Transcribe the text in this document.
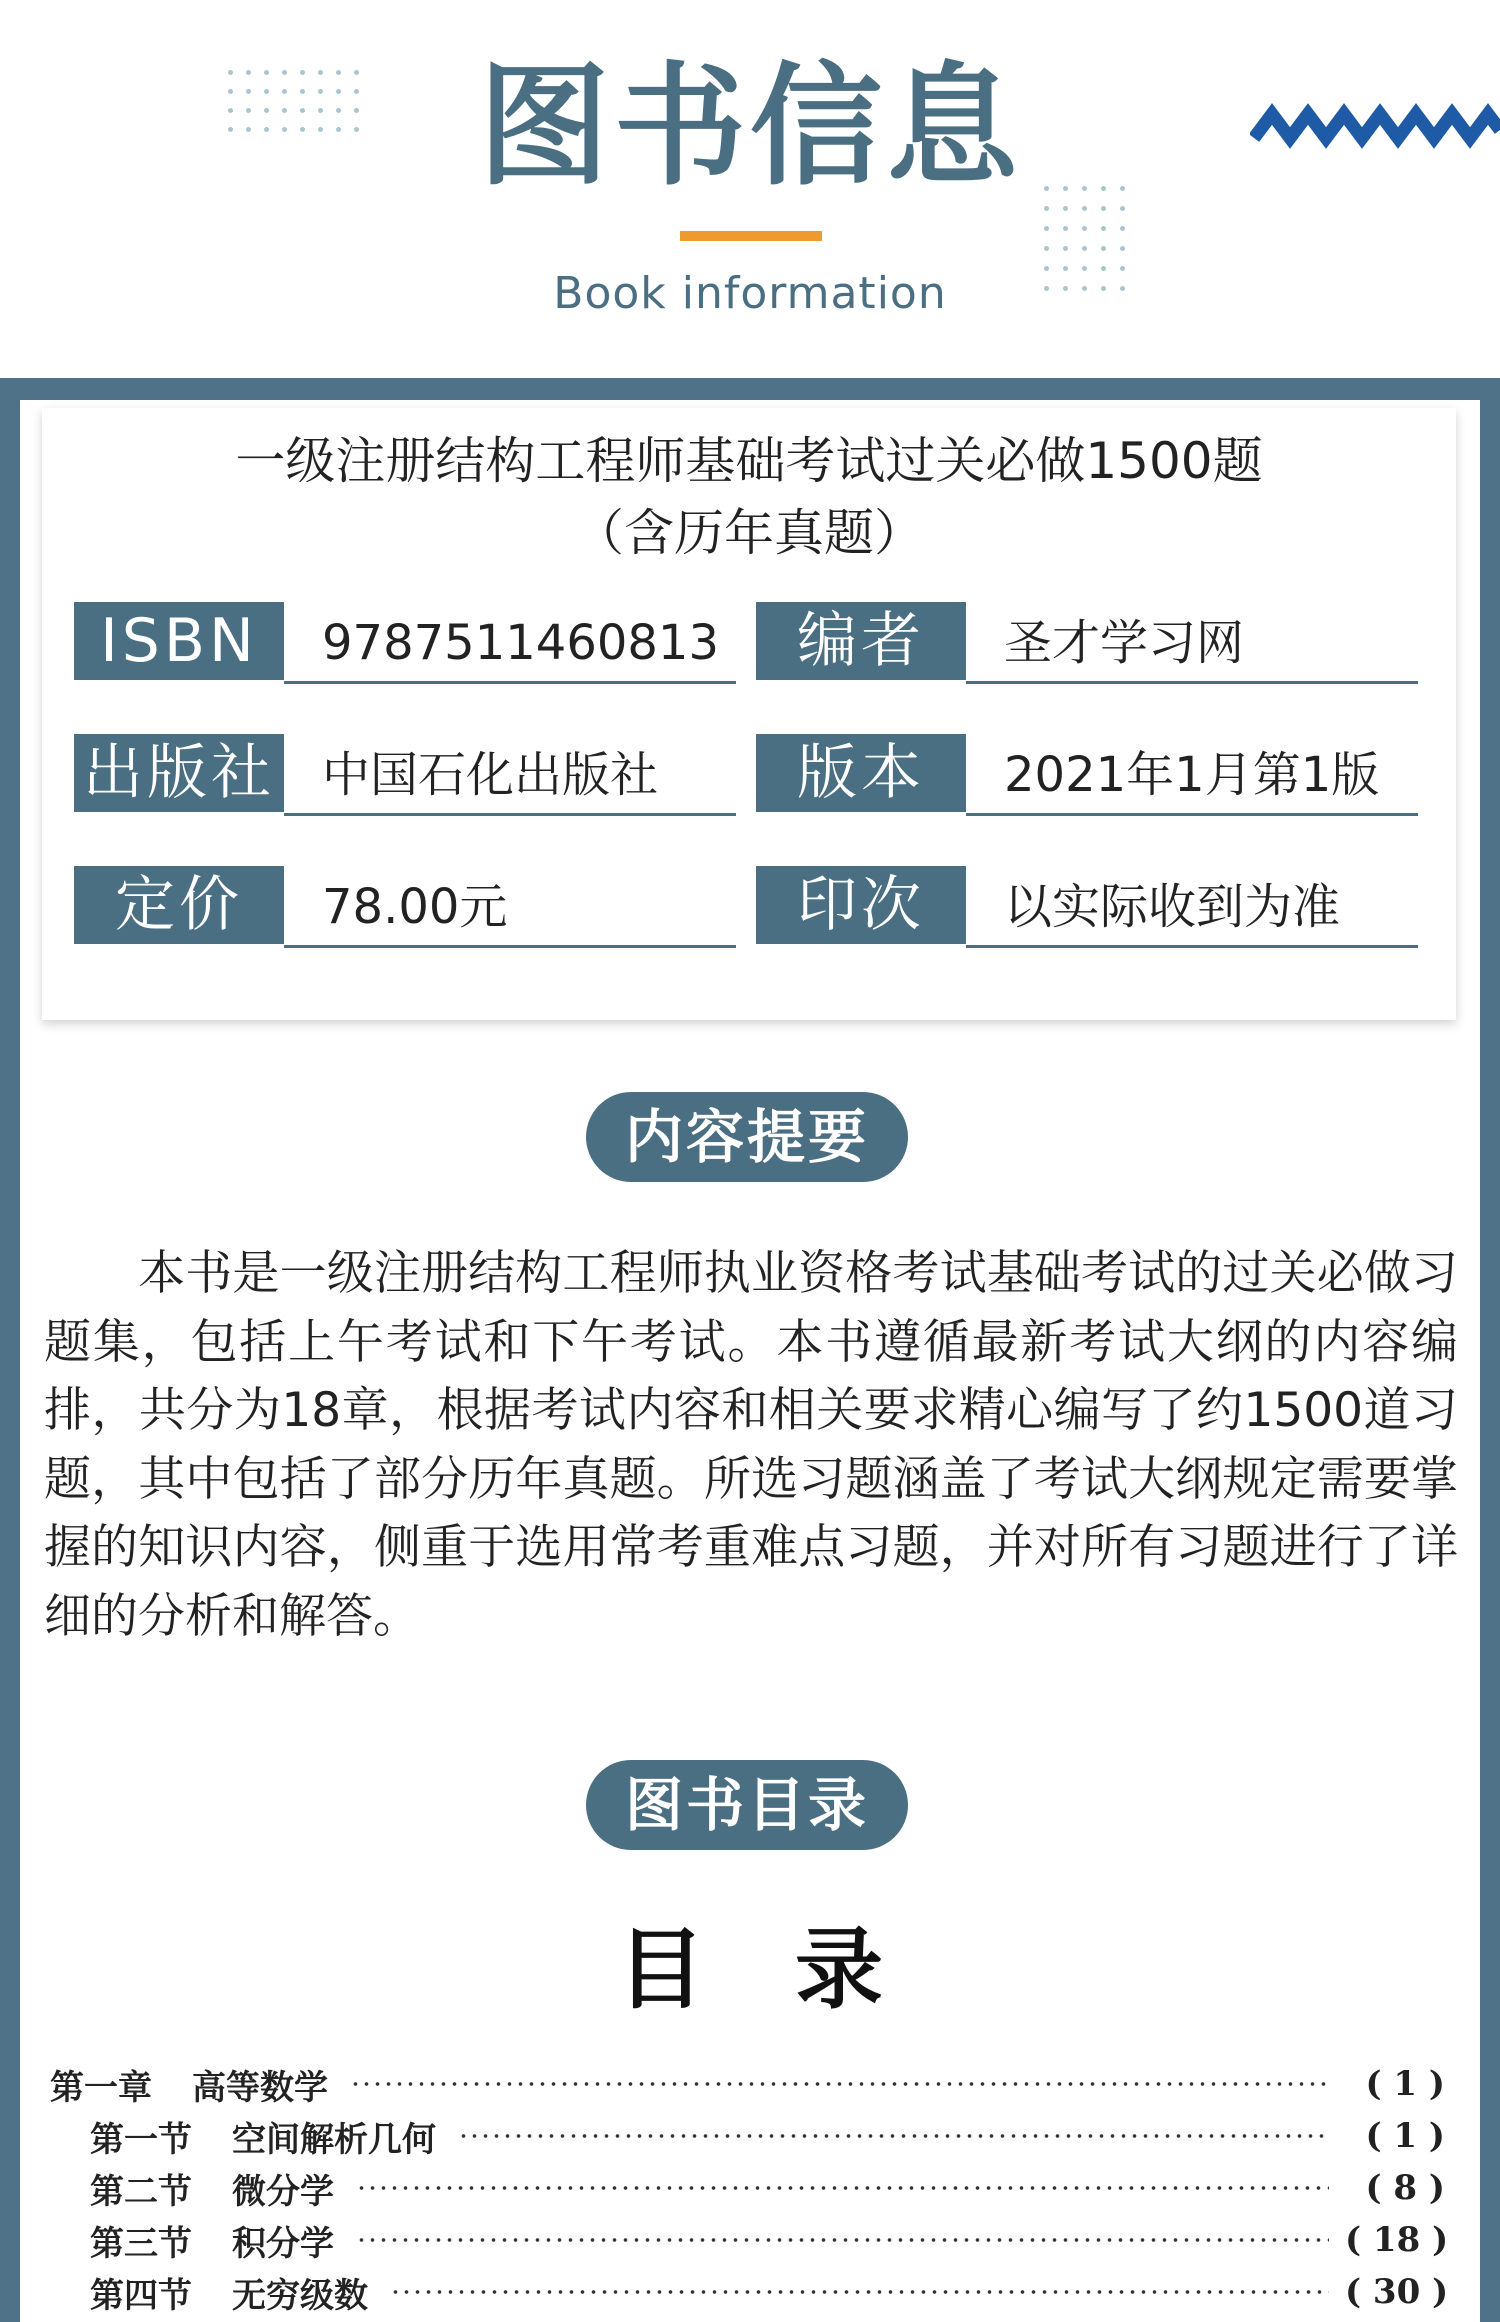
图书信息
Book information
一级注册结构工程师基础考试过关必做1500题
（含历年真题）
ISBN	9787511460813	编者	圣才学习网
出版社 中国石化出版社	版本	2021年1月第1版
定价	78.00元	印次	以实际收到为准
内容提要

本书是一级注册结构工程师执业资格考试基础考试的过关必做习题集，包括上午考试和下午考试。本书遵循最新考试大纲的内容编排，共分为18章，根据考试内容和相关要求精心编写了约1500道习题，其中包括了部分历年真题。所选习题涵盖了考试大纲规定需要掌握的知识内容，侧重于选用常考重难点习题，并对所有习题进行了详细的分析和解答。

图书目录
目录
第一章 高等数学	( 1 )
第一节 空间解析几何	( 1 )
第二节 微分学	( 8 )
第三节 积分学	( 18 )
第四节 无穷级数	( 30 )
